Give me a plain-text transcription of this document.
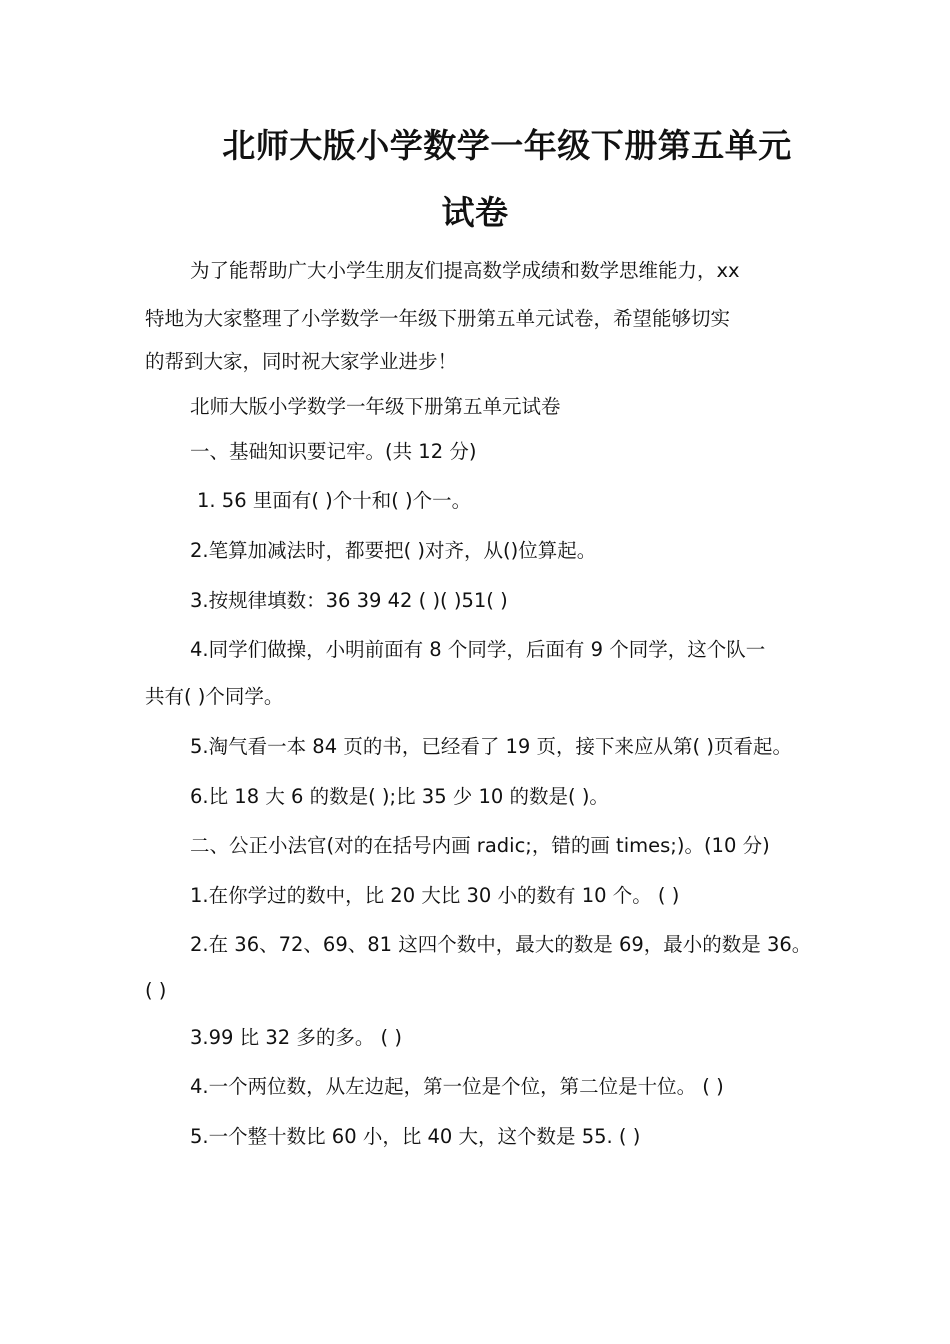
北师大版小学数学一年级下册第五单元
试卷

为了能帮助广大小学生朋友们提高数学成绩和数学思维能力，xx

特地为大家整理了小学数学一年级下册第五单元试卷，希望能够切实

的帮到大家，同时祝大家学业进步！

北师大版小学数学一年级下册第五单元试卷

一、基础知识要记牢。(共 12 分)

1. 56 里面有( )个十和( )个一。

2.笔算加减法时，都要把( )对齐，从()位算起。

3.按规律填数：36 39 42 ( )( )51( )

4.同学们做操，小明前面有 8 个同学，后面有 9 个同学，这个队一

共有( )个同学。

5.淘气看一本 84 页的书，已经看了 19 页，接下来应从第( )页看起。

6.比 18 大 6 的数是( );比 35 少 10 的数是( )。

二、公正小法官(对的在括号内画 radic;，错的画 times;)。(10 分)

1.在你学过的数中，比 20 大比 30 小的数有 10 个。 ( )

2.在 36、72、69、81 这四个数中，最大的数是 69，最小的数是 36。

( )

3.99 比 32 多的多。 ( )

4.一个两位数，从左边起，第一位是个位，第二位是十位。 ( )

5.一个整十数比 60 小，比 40 大，这个数是 55. ( )
